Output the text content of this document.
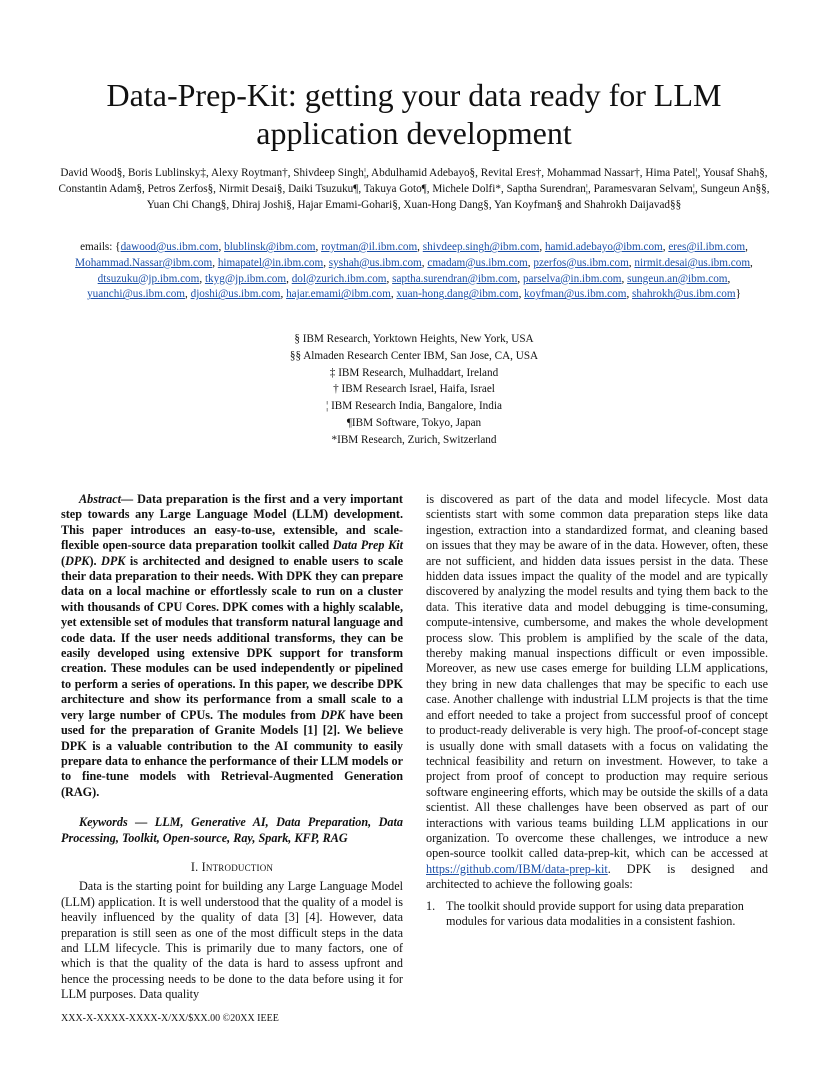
Data-Prep-Kit: getting your data ready for LLM application development
David Wood§, Boris Lublinsky‡, Alexy Roytman†, Shivdeep Singh¦, Abdulhamid Adebayo§, Revital Eres†, Mohammad Nassar†, Hima Patel¦, Yousaf Shah§, Constantin Adam§, Petros Zerfos§, Nirmit Desai§, Daiki Tsuzuku¶, Takuya Goto¶, Michele Dolfi*, Saptha Surendran¦, Paramesvaran Selvam¦, Sungeun An§§, Yuan Chi Chang§, Dhiraj Joshi§, Hajar Emami-Gohari§, Xuan-Hong Dang§, Yan Koyfman§ and Shahrokh Daijavad§§
emails: {dawood@us.ibm.com, blublinsk@ibm.com, roytman@il.ibm.com, shivdeep.singh@ibm.com, hamid.adebayo@ibm.com, eres@il.ibm.com, Mohammad.Nassar@ibm.com, himapatel@in.ibm.com, syshah@us.ibm.com, cmadam@us.ibm.com, pzerfos@us.ibm.com, nirmit.desai@us.ibm.com, dtsuzuku@jp.ibm.com, tkyg@jp.ibm.com, dol@zurich.ibm.com, saptha.surendran@ibm.com, parselva@in.ibm.com, sungeun.an@ibm.com, yuanchi@us.ibm.com, djoshi@us.ibm.com, hajar.emami@ibm.com, xuan-hong.dang@ibm.com, koyfman@us.ibm.com, shahrokh@us.ibm.com}
§ IBM Research, Yorktown Heights, New York, USA
§§ Almaden Research Center IBM, San Jose, CA, USA
‡ IBM Research, Mulhaddart, Ireland
† IBM Research Israel, Haifa, Israel
¦ IBM Research India, Bangalore, India
¶IBM Software, Tokyo, Japan
*IBM Research, Zurich, Switzerland

Abstract— Data preparation is the first and a very important step towards any Large Language Model (LLM) development. This paper introduces an easy-to-use, extensible, and scale-flexible open-source data preparation toolkit called Data Prep Kit (DPK). DPK is architected and designed to enable users to scale their data preparation to their needs. With DPK they can prepare data on a local machine or effortlessly scale to run on a cluster with thousands of CPU Cores. DPK comes with a highly scalable, yet extensible set of modules that transform natural language and code data. If the user needs additional transforms, they can be easily developed using extensive DPK support for transform creation. These modules can be used independently or pipelined to perform a series of operations. In this paper, we describe DPK architecture and show its performance from a small scale to a very large number of CPUs. The modules from DPK have been used for the preparation of Granite Models [1] [2]. We believe DPK is a valuable contribution to the AI community to easily prepare data to enhance the performance of their LLM models or to fine-tune models with Retrieval-Augmented Generation (RAG).

Keywords — LLM, Generative AI, Data Preparation, Data Processing, Toolkit, Open-source, Ray, Spark, KFP, RAG

I. Introduction

Data is the starting point for building any Large Language Model (LLM) application. It is well understood that the quality of a model is heavily influenced by the quality of data [3] [4]. However, data preparation is still seen as one of the most difficult steps in the data and LLM lifecycle. This is primarily due to many factors, one of which is that the quality of the data is hard to assess upfront and hence the processing needs to be done to the data before using it for LLM purposes. Data quality

is discovered as part of the data and model lifecycle. Most data scientists start with some common data preparation steps like data ingestion, extraction into a standardized format, and cleaning based on issues that they may be aware of in the data. However, often, these are not sufficient, and hidden data issues persist in the data. These hidden data issues impact the quality of the model and are typically discovered by analyzing the model results and tying them back to the data. This iterative data and model debugging is time-consuming, compute-intensive, cumbersome, and makes the whole development process slow. This problem is amplified by the scale of the data, thereby making manual inspections difficult or even impossible. Moreover, as new use cases emerge for building LLM applications, they bring in new data challenges that may be specific to each use case. Another challenge with industrial LLM projects is that the time and effort needed to take a project from successful proof of concept to product-ready deliverable is very high. The proof-of-concept stage is usually done with small datasets with a focus on validating the technical feasibility and return on investment. However, to take a project from proof of concept to production may require serious software engineering efforts, which may be outside the skills of a data scientist. All these challenges have been observed as part of our interactions with various teams building LLM applications in our organization. To overcome these challenges, we introduce a new open-source toolkit called data-prep-kit, which can be accessed at https://github.com/IBM/data-prep-kit. DPK is designed and architected to achieve the following goals:

1. The toolkit should provide support for using data preparation modules for various data modalities in a consistent fashion.
XXX-X-XXXX-XXXX-X/XX/$XX.00 ©20XX IEEE
